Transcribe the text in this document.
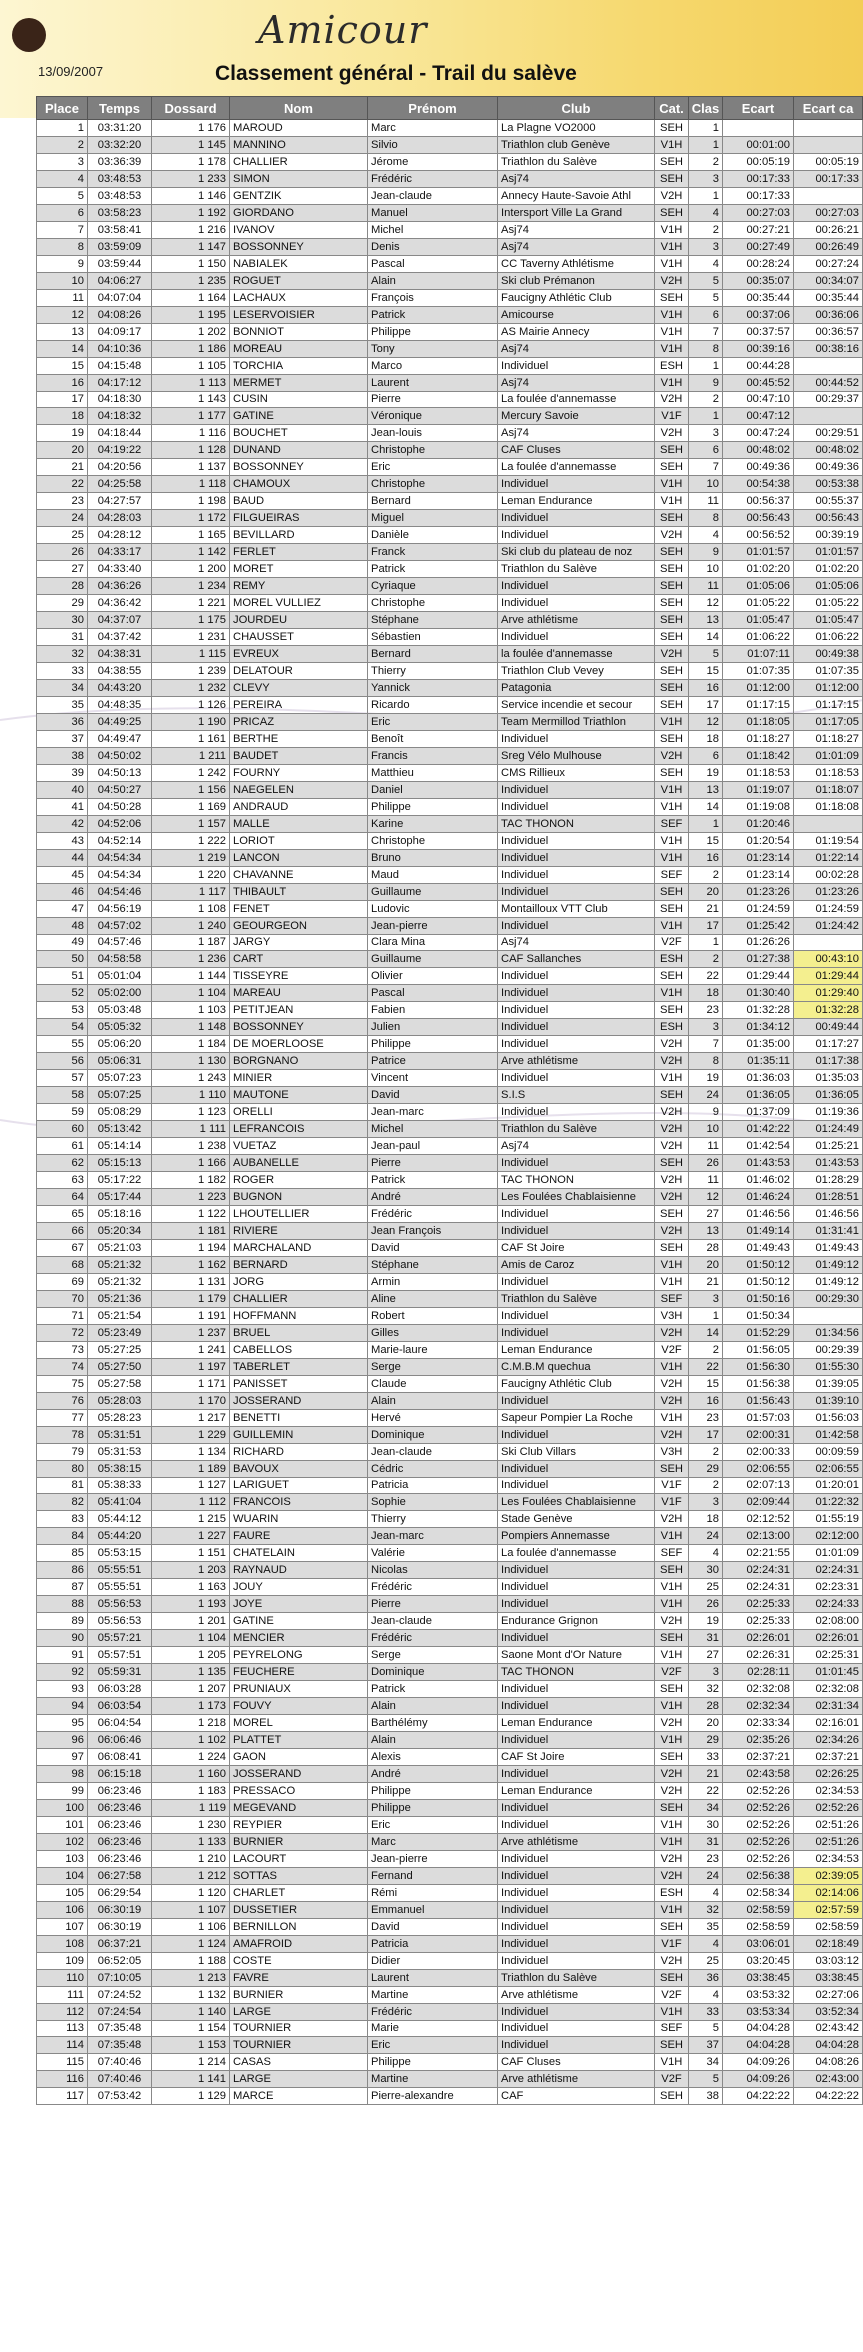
Amicour
13/09/2007	Classement général - Trail du salève
Place	Temps	Dossard	Nom	Prénom	Club	Cat.	Clas	Ecart	Ecart ca
1	03:31:20	1 176	MAROUD	Marc	La Plagne VO2000	SEH	1		
2	03:32:20	1 145	MANNINO	Silvio	Triathlon club Genève	V1H	1	00:01:00	
3	03:36:39	1 178	CHALLIER	Jérome	Triathlon du Salève	SEH	2	00:05:19	00:05:19
4	03:48:53	1 233	SIMON	Frédéric	Asj74	SEH	3	00:17:33	00:17:33
5	03:48:53	1 146	GENTZIK	Jean-claude	Annecy Haute-Savoie Athl	V2H	1	00:17:33	
6	03:58:23	1 192	GIORDANO	Manuel	Intersport Ville La Grand	SEH	4	00:27:03	00:27:03
7	03:58:41	1 216	IVANOV	Michel	Asj74	V1H	2	00:27:21	00:26:21
8	03:59:09	1 147	BOSSONNEY	Denis	Asj74	V1H	3	00:27:49	00:26:49
9	03:59:44	1 150	NABIALEK	Pascal	CC Taverny Athlétisme	V1H	4	00:28:24	00:27:24
10	04:06:27	1 235	ROGUET	Alain	Ski club Prémanon	V2H	5	00:35:07	00:34:07
11	04:07:04	1 164	LACHAUX	François	Faucigny Athlétic Club	SEH	5	00:35:44	00:35:44
12	04:08:26	1 195	LESERVOISIER	Patrick	Amicourse	V1H	6	00:37:06	00:36:06
13	04:09:17	1 202	BONNIOT	Philippe	AS Mairie Annecy	V1H	7	00:37:57	00:36:57
14	04:10:36	1 186	MOREAU	Tony	Asj74	V1H	8	00:39:16	00:38:16
15	04:15:48	1 105	TORCHIA	Marco	Individuel	ESH	1	00:44:28	
16	04:17:12	1 113	MERMET	Laurent	Asj74	V1H	9	00:45:52	00:44:52
17	04:18:30	1 143	CUSIN	Pierre	La foulée d'annemasse	V2H	2	00:47:10	00:29:37
18	04:18:32	1 177	GATINE	Véronique	Mercury Savoie	V1F	1	00:47:12	
19	04:18:44	1 116	BOUCHET	Jean-louis	Asj74	V2H	3	00:47:24	00:29:51
20	04:19:22	1 128	DUNAND	Christophe	CAF Cluses	SEH	6	00:48:02	00:48:02
21	04:20:56	1 137	BOSSONNEY	Eric	La foulée d'annemasse	SEH	7	00:49:36	00:49:36
22	04:25:58	1 118	CHAMOUX	Christophe	Individuel	V1H	10	00:54:38	00:53:38
23	04:27:57	1 198	BAUD	Bernard	Leman Endurance	V1H	11	00:56:37	00:55:37
24	04:28:03	1 172	FILGUEIRAS	Miguel	Individuel	SEH	8	00:56:43	00:56:43
25	04:28:12	1 165	BEVILLARD	Danièle	Individuel	V2H	4	00:56:52	00:39:19
26	04:33:17	1 142	FERLET	Franck	Ski club du plateau de noz	SEH	9	01:01:57	01:01:57
27	04:33:40	1 200	MORET	Patrick	Triathlon du Salève	SEH	10	01:02:20	01:02:20
28	04:36:26	1 234	REMY	Cyriaque	Individuel	SEH	11	01:05:06	01:05:06
29	04:36:42	1 221	MOREL VULLIEZ	Christophe	Individuel	SEH	12	01:05:22	01:05:22
30	04:37:07	1 175	JOURDEU	Stéphane	Arve athlétisme	SEH	13	01:05:47	01:05:47
31	04:37:42	1 231	CHAUSSET	Sébastien	Individuel	SEH	14	01:06:22	01:06:22
32	04:38:31	1 115	EVREUX	Bernard	la foulée d'annemasse	V2H	5	01:07:11	00:49:38
33	04:38:55	1 239	DELATOUR	Thierry	Triathlon Club Vevey	SEH	15	01:07:35	01:07:35
34	04:43:20	1 232	CLEVY	Yannick	Patagonia	SEH	16	01:12:00	01:12:00
35	04:48:35	1 126	PEREIRA	Ricardo	Service incendie et secour	SEH	17	01:17:15	01:17:15
36	04:49:25	1 190	PRICAZ	Eric	Team Mermillod Triathlon	V1H	12	01:18:05	01:17:05
37	04:49:47	1 161	BERTHE	Benoît	Individuel	SEH	18	01:18:27	01:18:27
38	04:50:02	1 211	BAUDET	Francis	Sreg Vélo Mulhouse	V2H	6	01:18:42	01:01:09
39	04:50:13	1 242	FOURNY	Matthieu	CMS Rillieux	SEH	19	01:18:53	01:18:53
40	04:50:27	1 156	NAEGELEN	Daniel	Individuel	V1H	13	01:19:07	01:18:07
41	04:50:28	1 169	ANDRAUD	Philippe	Individuel	V1H	14	01:19:08	01:18:08
42	04:52:06	1 157	MALLE	Karine	TAC THONON	SEF	1	01:20:46	
43	04:52:14	1 222	LORIOT	Christophe	Individuel	V1H	15	01:20:54	01:19:54
44	04:54:34	1 219	LANCON	Bruno	Individuel	V1H	16	01:23:14	01:22:14
45	04:54:34	1 220	CHAVANNE	Maud	Individuel	SEF	2	01:23:14	00:02:28
46	04:54:46	1 117	THIBAULT	Guillaume	Individuel	SEH	20	01:23:26	01:23:26
47	04:56:19	1 108	FENET	Ludovic	Montailloux VTT Club	SEH	21	01:24:59	01:24:59
48	04:57:02	1 240	GEOURGEON	Jean-pierre	Individuel	V1H	17	01:25:42	01:24:42
49	04:57:46	1 187	JARGY	Clara Mina	Asj74	V2F	1	01:26:26	
50	04:58:58	1 236	CART	Guillaume	CAF Sallanches	ESH	2	01:27:38	00:43:10
51	05:01:04	1 144	TISSEYRE	Olivier	Individuel	SEH	22	01:29:44	01:29:44
52	05:02:00	1 104	MAREAU	Pascal	Individuel	V1H	18	01:30:40	01:29:40
53	05:03:48	1 103	PETITJEAN	Fabien	Individuel	SEH	23	01:32:28	01:32:28
54	05:05:32	1 148	BOSSONNEY	Julien	Individuel	ESH	3	01:34:12	00:49:44
55	05:06:20	1 184	DE MOERLOOSE	Philippe	Individuel	V2H	7	01:35:00	01:17:27
56	05:06:31	1 130	BORGNANO	Patrice	Arve athlétisme	V2H	8	01:35:11	01:17:38
57	05:07:23	1 243	MINIER	Vincent	Individuel	V1H	19	01:36:03	01:35:03
58	05:07:25	1 110	MAUTONE	David	S.I.S	SEH	24	01:36:05	01:36:05
59	05:08:29	1 123	ORELLI	Jean-marc	Individuel	V2H	9	01:37:09	01:19:36
60	05:13:42	1 111	LEFRANCOIS	Michel	Triathlon du Salève	V2H	10	01:42:22	01:24:49
61	05:14:14	1 238	VUETAZ	Jean-paul	Asj74	V2H	11	01:42:54	01:25:21
62	05:15:13	1 166	AUBANELLE	Pierre	Individuel	SEH	26	01:43:53	01:43:53
63	05:17:22	1 182	ROGER	Patrick	TAC THONON	V2H	11	01:46:02	01:28:29
64	05:17:44	1 223	BUGNON	André	Les Foulées Chablaisienne	V2H	12	01:46:24	01:28:51
65	05:18:16	1 122	LHOUTELLIER	Frédéric	Individuel	SEH	27	01:46:56	01:46:56
66	05:20:34	1 181	RIVIERE	Jean François	Individuel	V2H	13	01:49:14	01:31:41
67	05:21:03	1 194	MARCHALAND	David	CAF St Joire	SEH	28	01:49:43	01:49:43
68	05:21:32	1 162	BERNARD	Stéphane	Amis de Caroz	V1H	20	01:50:12	01:49:12
69	05:21:32	1 131	JORG	Armin	Individuel	V1H	21	01:50:12	01:49:12
70	05:21:36	1 179	CHALLIER	Aline	Triathlon du Salève	SEF	3	01:50:16	00:29:30
71	05:21:54	1 191	HOFFMANN	Robert	Individuel	V3H	1	01:50:34	
72	05:23:49	1 237	BRUEL	Gilles	Individuel	V2H	14	01:52:29	01:34:56
73	05:27:25	1 241	CABELLOS	Marie-laure	Leman Endurance	V2F	2	01:56:05	00:29:39
74	05:27:50	1 197	TABERLET	Serge	C.M.B.M quechua	V1H	22	01:56:30	01:55:30
75	05:27:58	1 171	PANISSET	Claude	Faucigny Athlétic Club	V2H	15	01:56:38	01:39:05
76	05:28:03	1 170	JOSSERAND	Alain	Individuel	V2H	16	01:56:43	01:39:10
77	05:28:23	1 217	BENETTI	Hervé	Sapeur Pompier La Roche	V1H	23	01:57:03	01:56:03
78	05:31:51	1 229	GUILLEMIN	Dominique	Individuel	V2H	17	02:00:31	01:42:58
79	05:31:53	1 134	RICHARD	Jean-claude	Ski Club Villars	V3H	2	02:00:33	00:09:59
80	05:38:15	1 189	BAVOUX	Cédric	Individuel	SEH	29	02:06:55	02:06:55
81	05:38:33	1 127	LARIGUET	Patricia	Individuel	V1F	2	02:07:13	01:20:01
82	05:41:04	1 112	FRANCOIS	Sophie	Les Foulées Chablaisienne	V1F	3	02:09:44	01:22:32
83	05:44:12	1 215	WUARIN	Thierry	Stade Genève	V2H	18	02:12:52	01:55:19
84	05:44:20	1 227	FAURE	Jean-marc	Pompiers Annemasse	V1H	24	02:13:00	02:12:00
85	05:53:15	1 151	CHATELAIN	Valérie	La foulée d'annemasse	SEF	4	02:21:55	01:01:09
86	05:55:51	1 203	RAYNAUD	Nicolas	Individuel	SEH	30	02:24:31	02:24:31
87	05:55:51	1 163	JOUY	Frédéric	Individuel	V1H	25	02:24:31	02:23:31
88	05:56:53	1 193	JOYE	Pierre	Individuel	V1H	26	02:25:33	02:24:33
89	05:56:53	1 201	GATINE	Jean-claude	Endurance Grignon	V2H	19	02:25:33	02:08:00
90	05:57:21	1 104	MENCIER	Frédéric	Individuel	SEH	31	02:26:01	02:26:01
91	05:57:51	1 205	PEYRELONG	Serge	Saone Mont d'Or Nature	V1H	27	02:26:31	02:25:31
92	05:59:31	1 135	FEUCHERE	Dominique	TAC THONON	V2F	3	02:28:11	01:01:45
93	06:03:28	1 207	PRUNIAUX	Patrick	Individuel	SEH	32	02:32:08	02:32:08
94	06:03:54	1 173	FOUVY	Alain	Individuel	V1H	28	02:32:34	02:31:34
95	06:04:54	1 218	MOREL	Barthélémy	Leman Endurance	V2H	20	02:33:34	02:16:01
96	06:06:46	1 102	PLATTET	Alain	Individuel	V1H	29	02:35:26	02:34:26
97	06:08:41	1 224	GAON	Alexis	CAF St Joire	SEH	33	02:37:21	02:37:21
98	06:15:18	1 160	JOSSERAND	André	Individuel	V2H	21	02:43:58	02:26:25
99	06:23:46	1 183	PRESSACO	Philippe	Leman Endurance	V2H	22	02:52:26	02:34:53
100	06:23:46	1 119	MEGEVAND	Philippe	Individuel	SEH	34	02:52:26	02:52:26
101	06:23:46	1 230	REYPIER	Eric	Individuel	V1H	30	02:52:26	02:51:26
102	06:23:46	1 133	BURNIER	Marc	Arve athlétisme	V1H	31	02:52:26	02:51:26
103	06:23:46	1 210	LACOURT	Jean-pierre	Individuel	V2H	23	02:52:26	02:34:53
104	06:27:58	1 212	SOTTAS	Fernand	Individuel	V2H	24	02:56:38	02:39:05
105	06:29:54	1 120	CHARLET	Rémi	Individuel	ESH	4	02:58:34	02:14:06
106	06:30:19	1 107	DUSSETIER	Emmanuel	Individuel	V1H	32	02:58:59	02:57:59
107	06:30:19	1 106	BERNILLON	David	Individuel	SEH	35	02:58:59	02:58:59
108	06:37:21	1 124	AMAFROID	Patricia	Individuel	V1F	4	03:06:01	02:18:49
109	06:52:05	1 188	COSTE	Didier	Individuel	V2H	25	03:20:45	03:03:12
110	07:10:05	1 213	FAVRE	Laurent	Triathlon du Salève	SEH	36	03:38:45	03:38:45
111	07:24:52	1 132	BURNIER	Martine	Arve athlétisme	V2F	4	03:53:32	02:27:06
112	07:24:54	1 140	LARGE	Frédéric	Individuel	V1H	33	03:53:34	03:52:34
113	07:35:48	1 154	TOURNIER	Marie	Individuel	SEF	5	04:04:28	02:43:42
114	07:35:48	1 153	TOURNIER	Eric	Individuel	SEH	37	04:04:28	04:04:28
115	07:40:46	1 214	CASAS	Philippe	CAF Cluses	V1H	34	04:09:26	04:08:26
116	07:40:46	1 141	LARGE	Martine	Arve athlétisme	V2F	5	04:09:26	02:43:00
117	07:53:42	1 129	MARCE	Pierre-alexandre	CAF	SEH	38	04:22:22	04:22:22
